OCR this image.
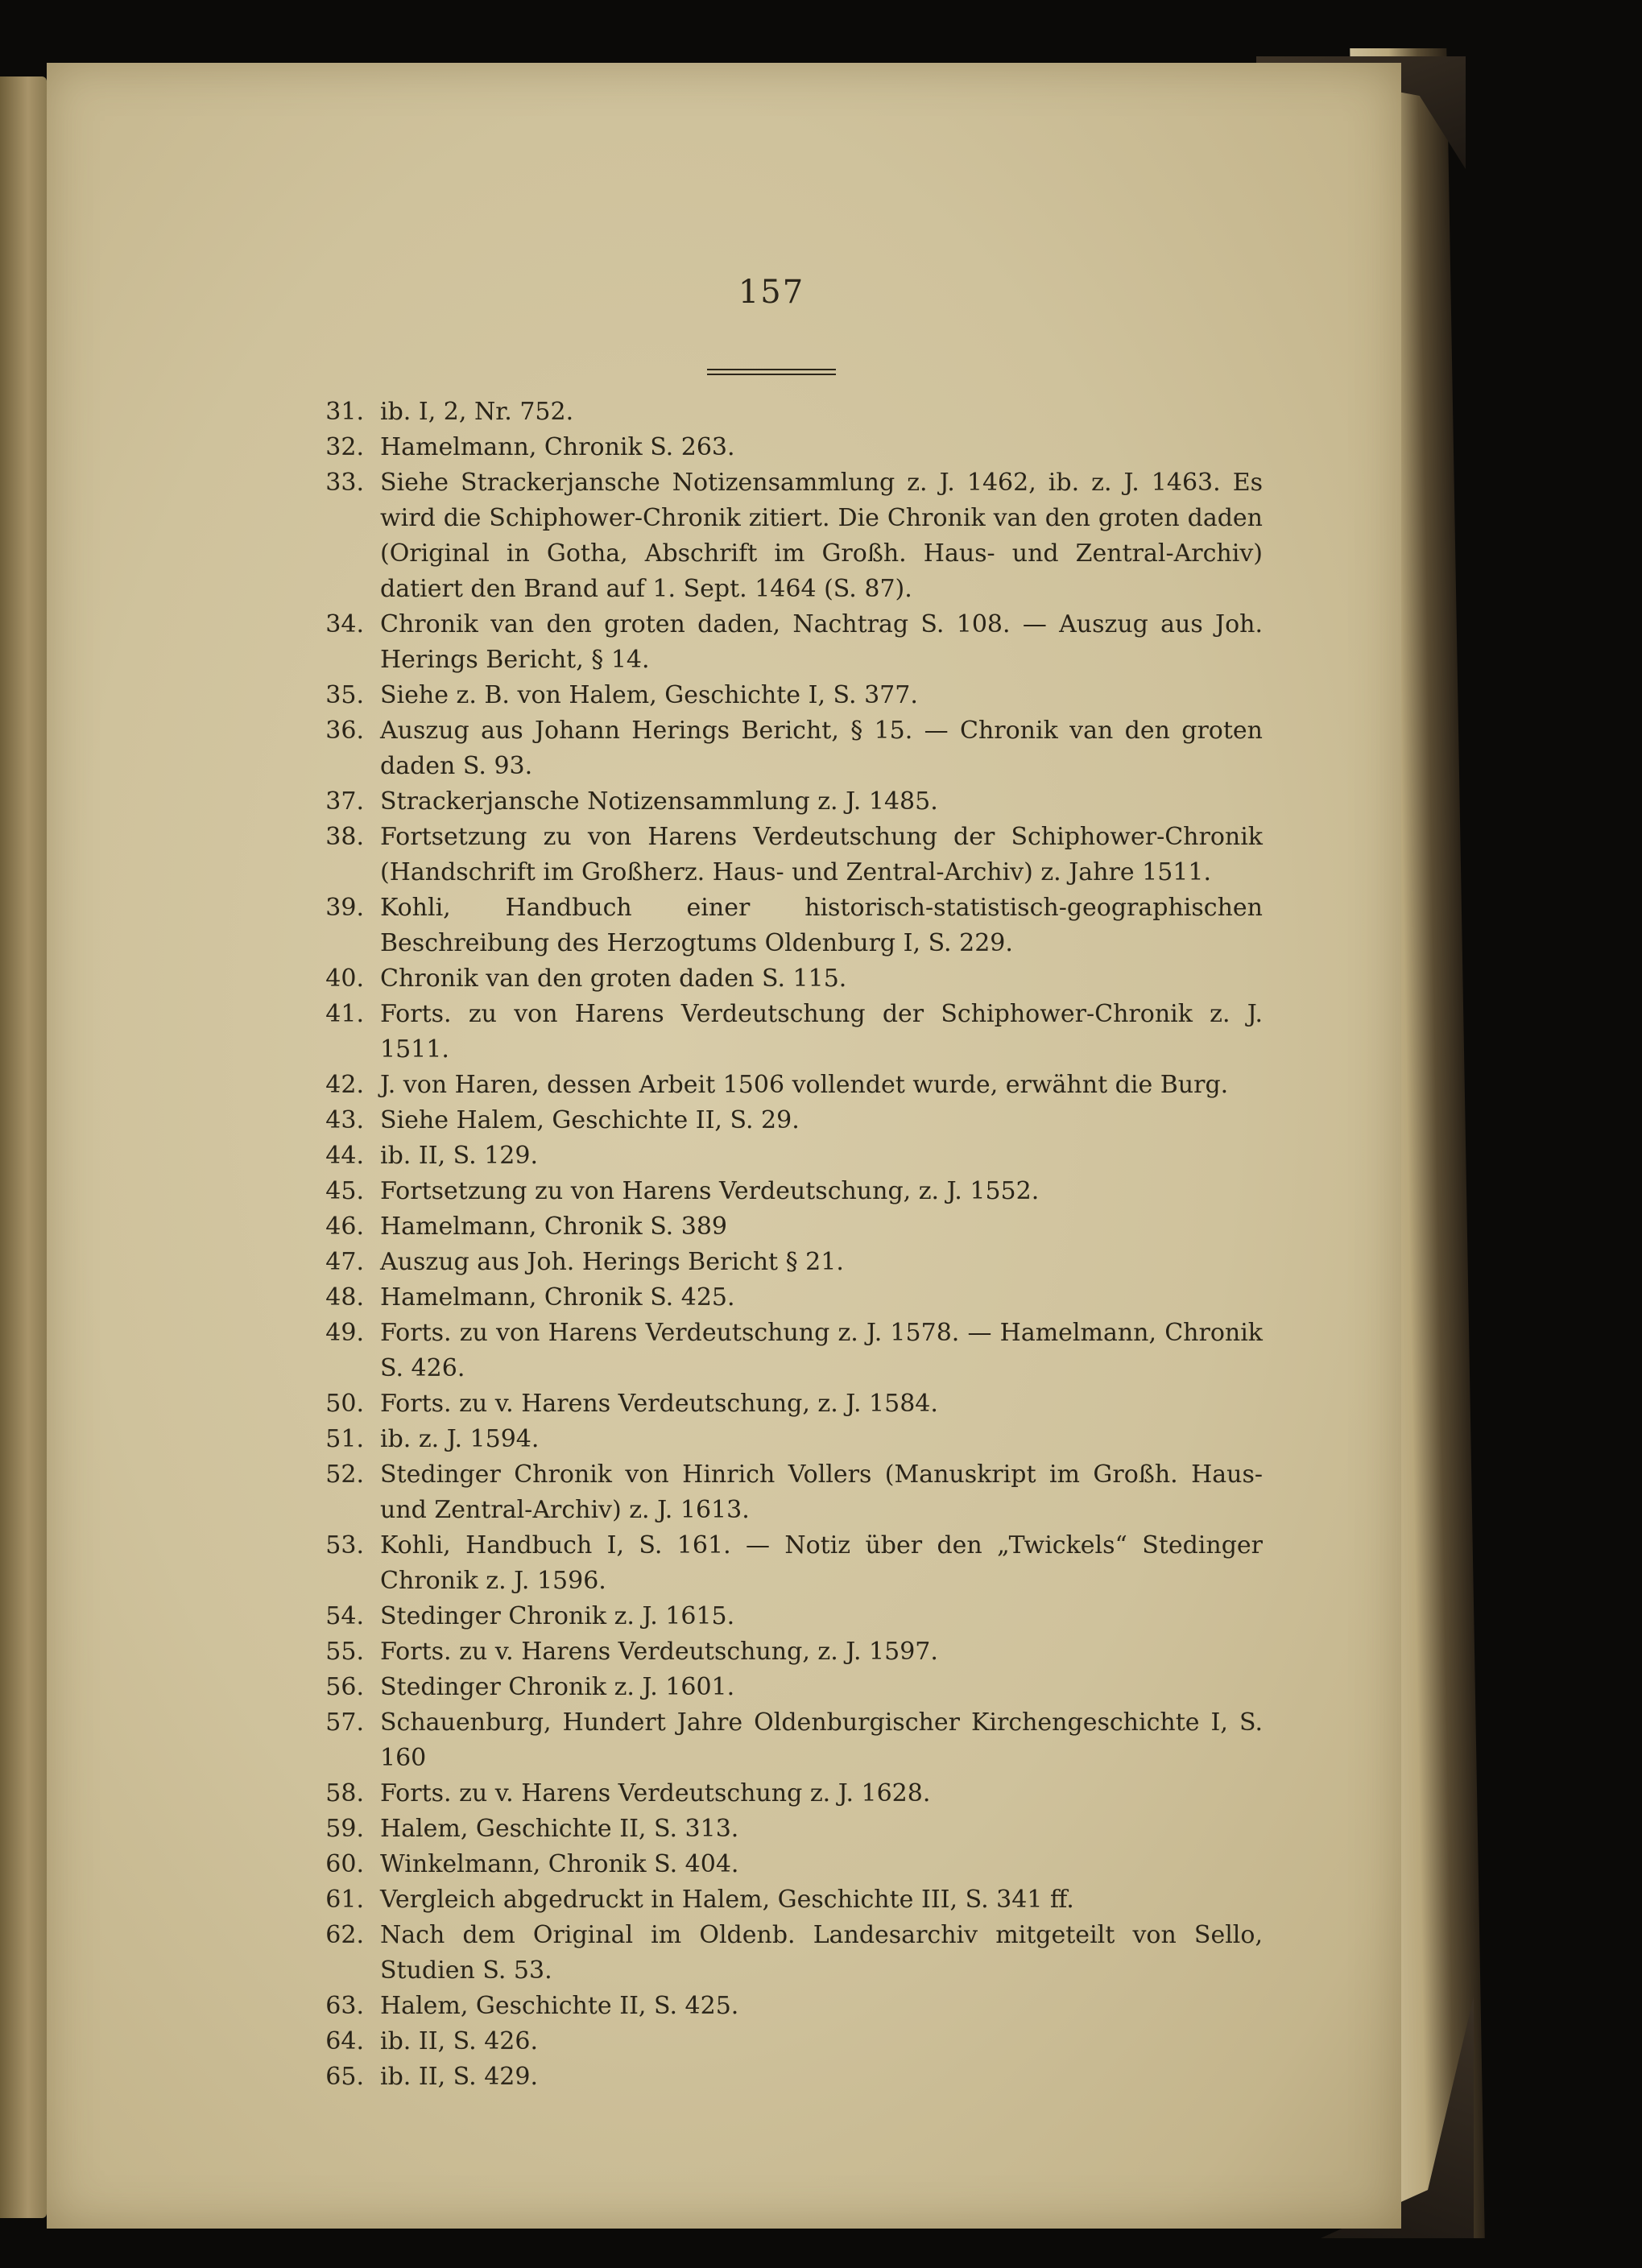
157
31. ib. I, 2, Nr. 752.
32. Hamelmann, Chronik S. 263.
33. Siehe Strackerjansche Notizensammlung z. J. 1462, ib. z. J. 1463. Es wird die Schiphower-Chronik zitiert. Die Chronik van den groten daden (Original in Gotha, Abschrift im Großh. Haus- und Zentral-Archiv) datiert den Brand auf 1. Sept. 1464 (S. 87).
34. Chronik van den groten daden, Nachtrag S. 108. — Auszug aus Joh. Herings Bericht, § 14.
35. Siehe z. B. von Halem, Geschichte I, S. 377.
36. Auszug aus Johann Herings Bericht, § 15. — Chronik van den groten daden S. 93.
37. Strackerjansche Notizensammlung z. J. 1485.
38. Fortsetzung zu von Harens Verdeutschung der Schiphower-Chronik (Handschrift im Großherz. Haus- und Zentral-Archiv) z. Jahre 1511.
39. Kohli, Handbuch einer historisch-statistisch-geographischen Beschreibung des Herzogtums Oldenburg I, S. 229.
40. Chronik van den groten daden S. 115.
41. Forts. zu von Harens Verdeutschung der Schiphower-Chronik z. J. 1511.
42. J. von Haren, dessen Arbeit 1506 vollendet wurde, erwähnt die Burg.
43. Siehe Halem, Geschichte II, S. 29.
44. ib. II, S. 129.
45. Fortsetzung zu von Harens Verdeutschung, z. J. 1552.
46. Hamelmann, Chronik S. 389
47. Auszug aus Joh. Herings Bericht § 21.
48. Hamelmann, Chronik S. 425.
49. Forts. zu von Harens Verdeutschung z. J. 1578. — Hamelmann, Chronik S. 426.
50. Forts. zu v. Harens Verdeutschung, z. J. 1584.
51. ib. z. J. 1594.
52. Stedinger Chronik von Hinrich Vollers (Manuskript im Großh. Haus- und Zentral-Archiv) z. J. 1613.
53. Kohli, Handbuch I, S. 161. — Notiz über den „Twickels“ Stedinger Chronik z. J. 1596.
54. Stedinger Chronik z. J. 1615.
55. Forts. zu v. Harens Verdeutschung, z. J. 1597.
56. Stedinger Chronik z. J. 1601.
57. Schauenburg, Hundert Jahre Oldenburgischer Kirchengeschichte I, S. 160
58. Forts. zu v. Harens Verdeutschung z. J. 1628.
59. Halem, Geschichte II, S. 313.
60. Winkelmann, Chronik S. 404.
61. Vergleich abgedruckt in Halem, Geschichte III, S. 341 ff.
62. Nach dem Original im Oldenb. Landesarchiv mitgeteilt von Sello, Studien S. 53.
63. Halem, Geschichte II, S. 425.
64. ib. II, S. 426.
65. ib. II, S. 429.
